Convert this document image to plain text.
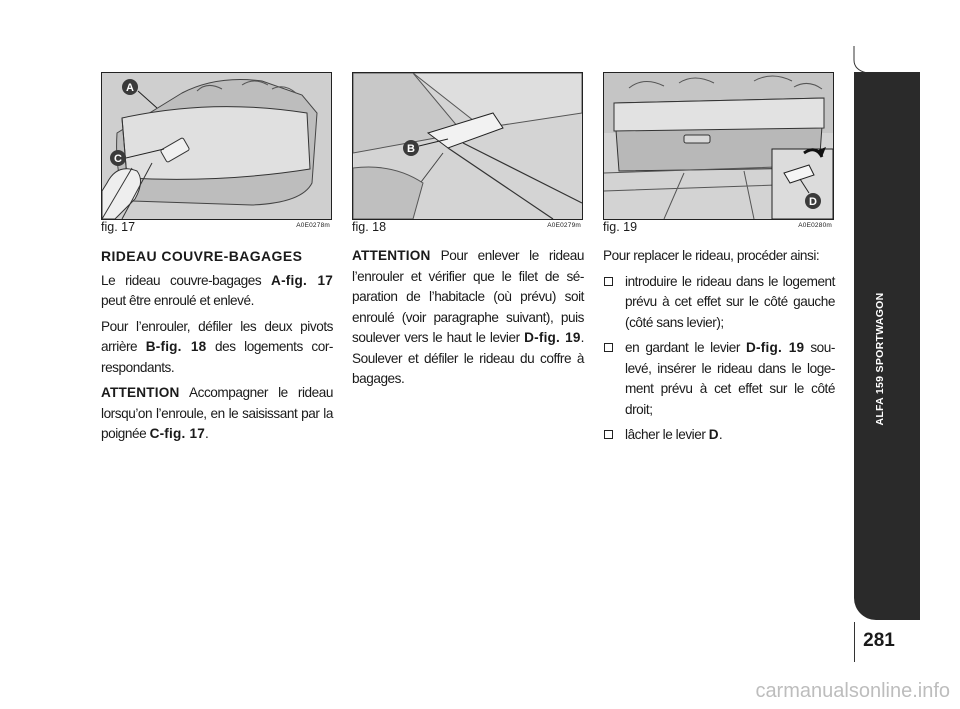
A
C
fig. 17	A0E0278m
B
fig. 18	A0E0279m
D
fig. 19	A0E0280m

RIDEAU COUVRE-BAGAGES

Le rideau couvre-bagages A-fig. 17 peut être enroulé et enlevé.

Pour l’enrouler, défiler les deux pivots arrière B-fig. 18 des logements cor-respondants.

ATTENTION Accompagner le rideau lorsqu’on l’enroule, en le saisissant par la poignée C-fig. 17.

ATTENTION Pour enlever le rideau l’enrouler et vérifier que le filet de sé-paration de l’habitacle (où prévu) soit enroulé (voir paragraphe suivant), puis soulever vers le haut le levier D-fig. 19. Soulever et défiler le rideau du coffre à bagages.

Pour replacer le rideau, procéder ainsi:

introduire le rideau dans le logement prévu à cet effet sur le côté gauche (côté sans levier);
en gardant le levier D-fig. 19 sou-levé, insérer le rideau dans le loge-ment prévu à cet effet sur le côté droit;
lâcher le levier D.
ALFA 159 SPORTWAGON
281
carmanualsonline.info
